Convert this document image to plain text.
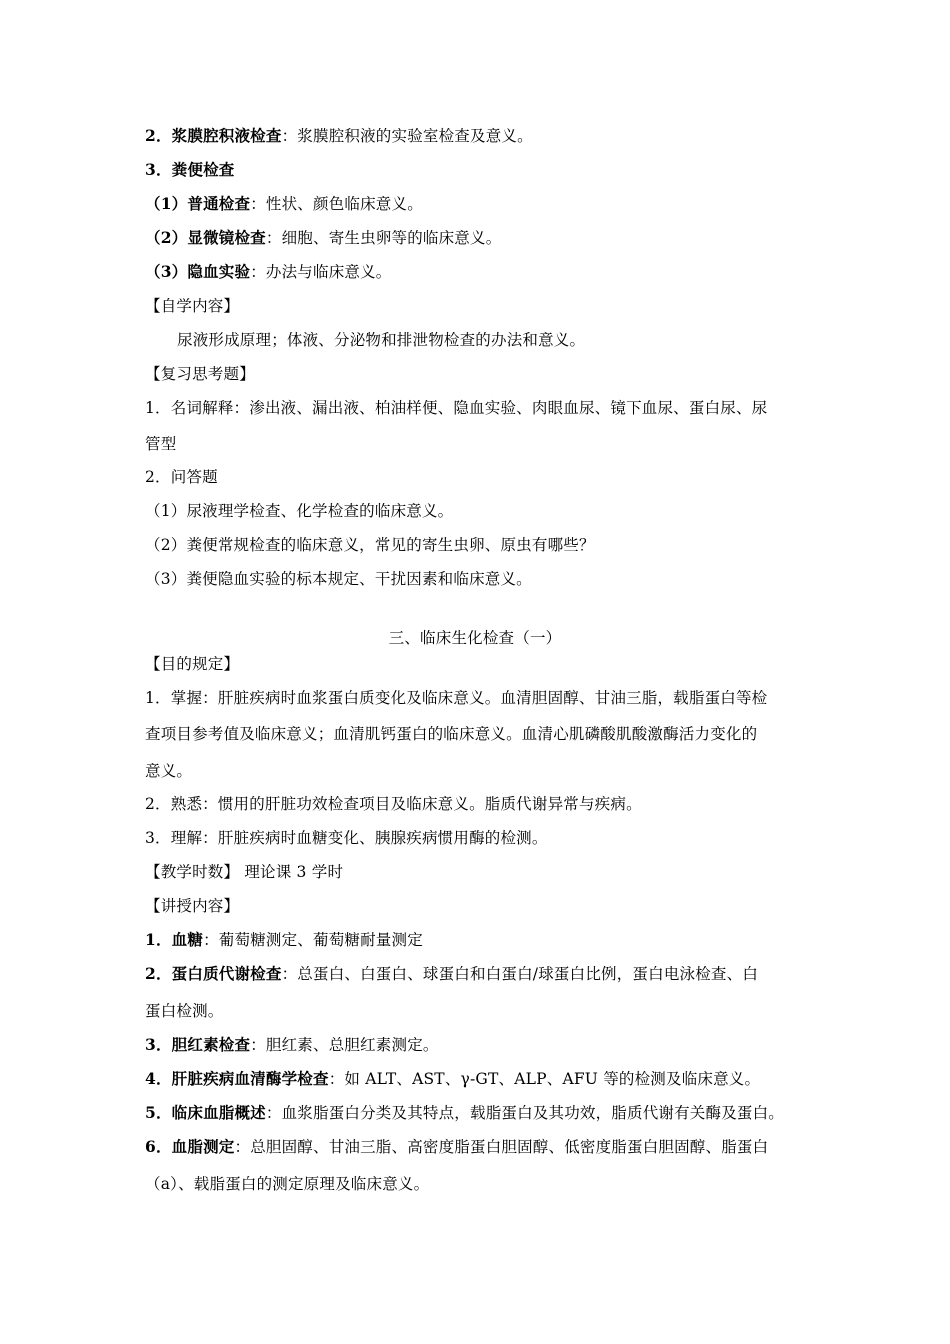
2．浆膜腔积液检查：浆膜腔积液的实验室检查及意义。
3．粪便检查
（1）普通检查：性状、颜色临床意义。
（2）显微镜检查：细胞、寄生虫卵等的临床意义。
（3）隐血实验：办法与临床意义。
【自学内容】
尿液形成原理；体液、分泌物和排泄物检查的办法和意义。
【复习思考题】
1．名词解释：渗出液、漏出液、柏油样便、隐血实验、肉眼血尿、镜下血尿、蛋白尿、尿
管型
2．问答题
（1）尿液理学检查、化学检查的临床意义。
（2）粪便常规检查的临床意义，常见的寄生虫卵、原虫有哪些？
（3）粪便隐血实验的标本规定、干扰因素和临床意义。
三、临床生化检查（一）
【目的规定】
1．掌握：肝脏疾病时血浆蛋白质变化及临床意义。血清胆固醇、甘油三脂，载脂蛋白等检
查项目参考值及临床意义；血清肌钙蛋白的临床意义。血清心肌磷酸肌酸激酶活力变化的
意义。
2．熟悉：惯用的肝脏功效检查项目及临床意义。脂质代谢异常与疾病。
3．理解：肝脏疾病时血糖变化、胰腺疾病惯用酶的检测。
【教学时数】 理论课 3 学时
【讲授内容】
1．血糖：葡萄糖测定、葡萄糖耐量测定
2．蛋白质代谢检查：总蛋白、白蛋白、球蛋白和白蛋白/球蛋白比例，蛋白电泳检查、白
蛋白检测。
3．胆红素检查：胆红素、总胆红素测定。
4．肝脏疾病血清酶学检查：如 ALT、AST、γ-GT、ALP、AFU 等的检测及临床意义。
5．临床血脂概述：血浆脂蛋白分类及其特点，载脂蛋白及其功效，脂质代谢有关酶及蛋白。
6．血脂测定：总胆固醇、甘油三脂、高密度脂蛋白胆固醇、低密度脂蛋白胆固醇、脂蛋白
（a）、载脂蛋白的测定原理及临床意义。
